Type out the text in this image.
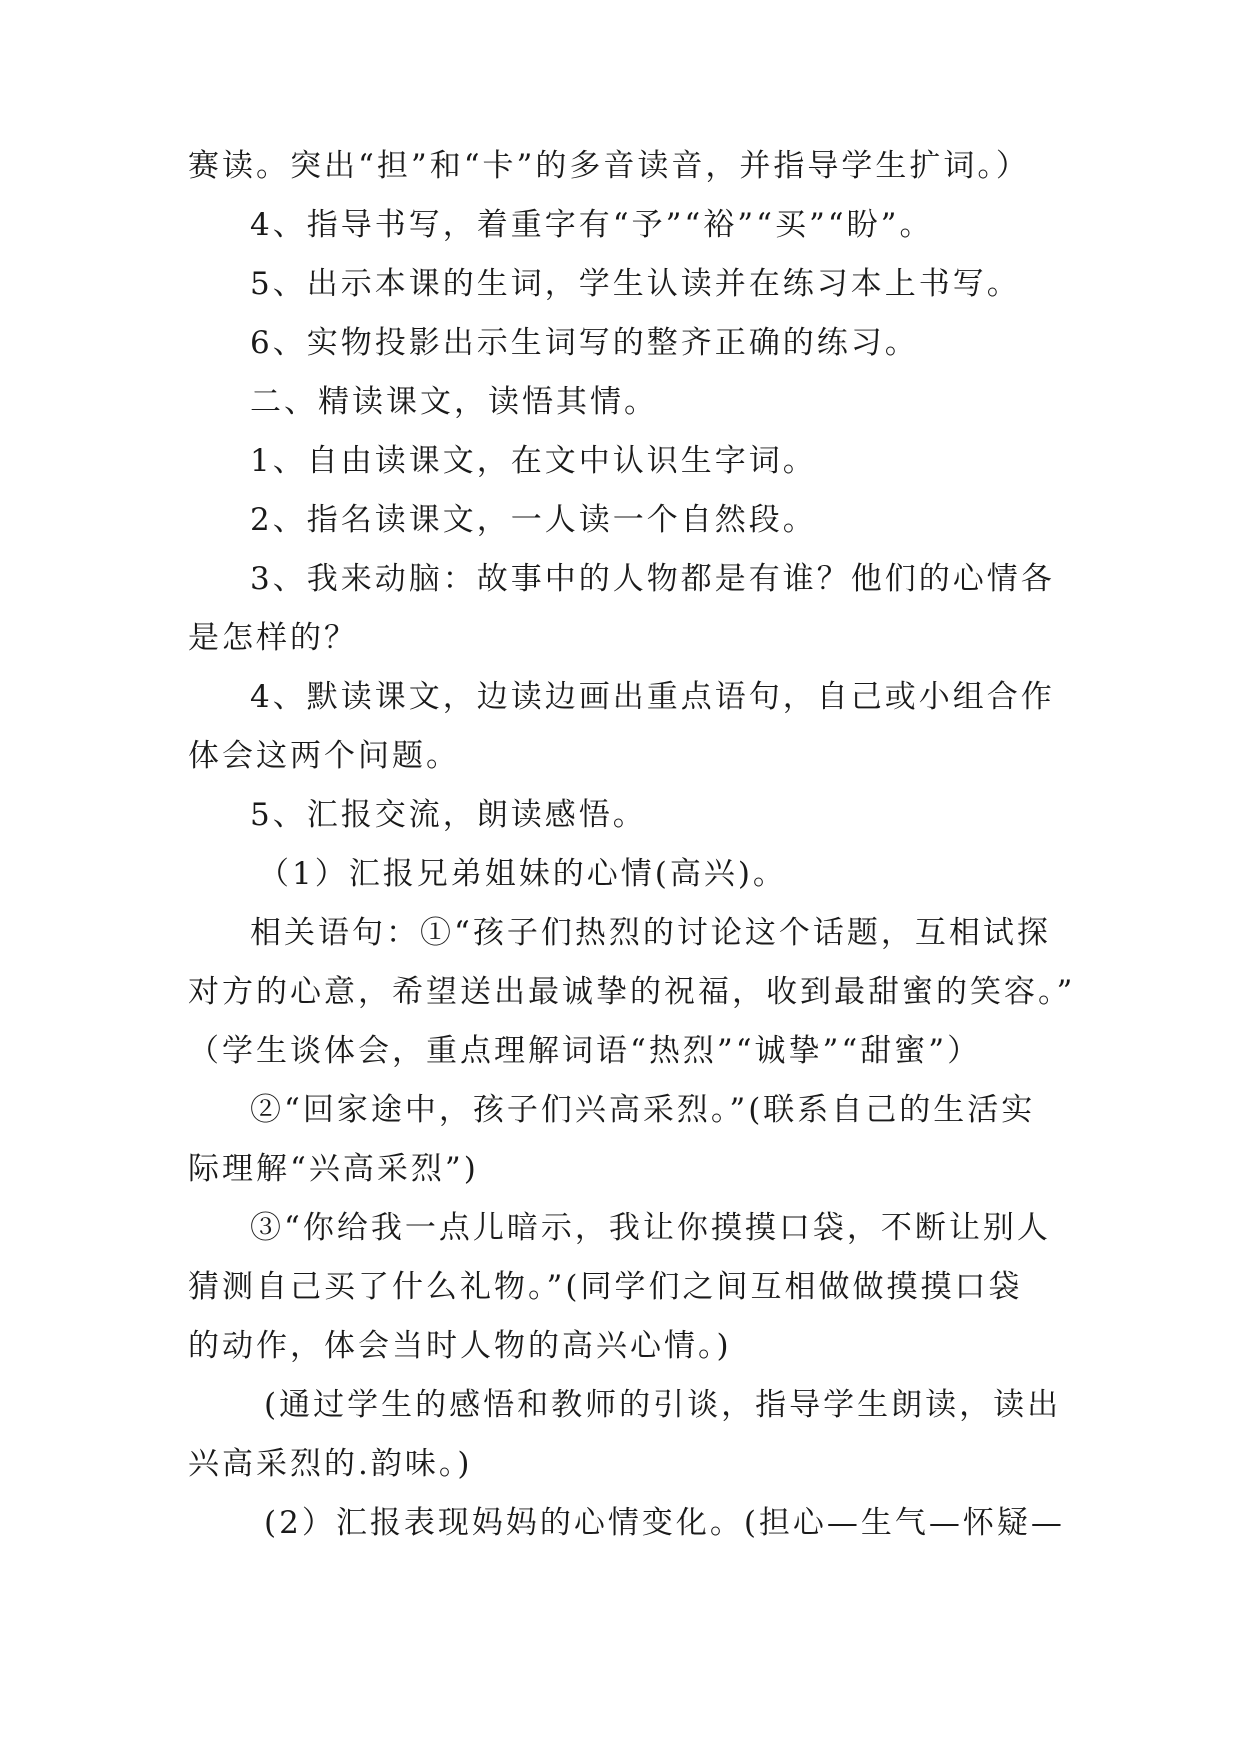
赛读。突出“担”和“卡”的多音读音，并指导学生扩词。）
4、指导书写，着重字有“予”“裕”“买”“盼”。
5、出示本课的生词，学生认读并在练习本上书写。
6、实物投影出示生词写的整齐正确的练习。
二、精读课文，读悟其情。
1、自由读课文，在文中认识生字词。
2、指名读课文，一人读一个自然段。
3、我来动脑：故事中的人物都是有谁？他们的心情各
是怎样的？
4、默读课文，边读边画出重点语句，自己或小组合作
体会这两个问题。
5、汇报交流，朗读感悟。
（1）汇报兄弟姐妹的心情(高兴)。
相关语句：①“孩子们热烈的讨论这个话题，互相试探
对方的心意，希望送出最诚挚的祝福，收到最甜蜜的笑容。”
（学生谈体会，重点理解词语“热烈”“诚挚”“甜蜜”）
②“回家途中，孩子们兴高采烈。”(联系自己的生活实
际理解“兴高采烈”)
③“你给我一点儿暗示，我让你摸摸口袋，不断让别人
猜测自己买了什么礼物。”(同学们之间互相做做摸摸口袋
的动作，体会当时人物的高兴心情。)
(通过学生的感悟和教师的引谈，指导学生朗读，读出
兴高采烈的.韵味。)
(2）汇报表现妈妈的心情变化。(担心—生气—怀疑—
